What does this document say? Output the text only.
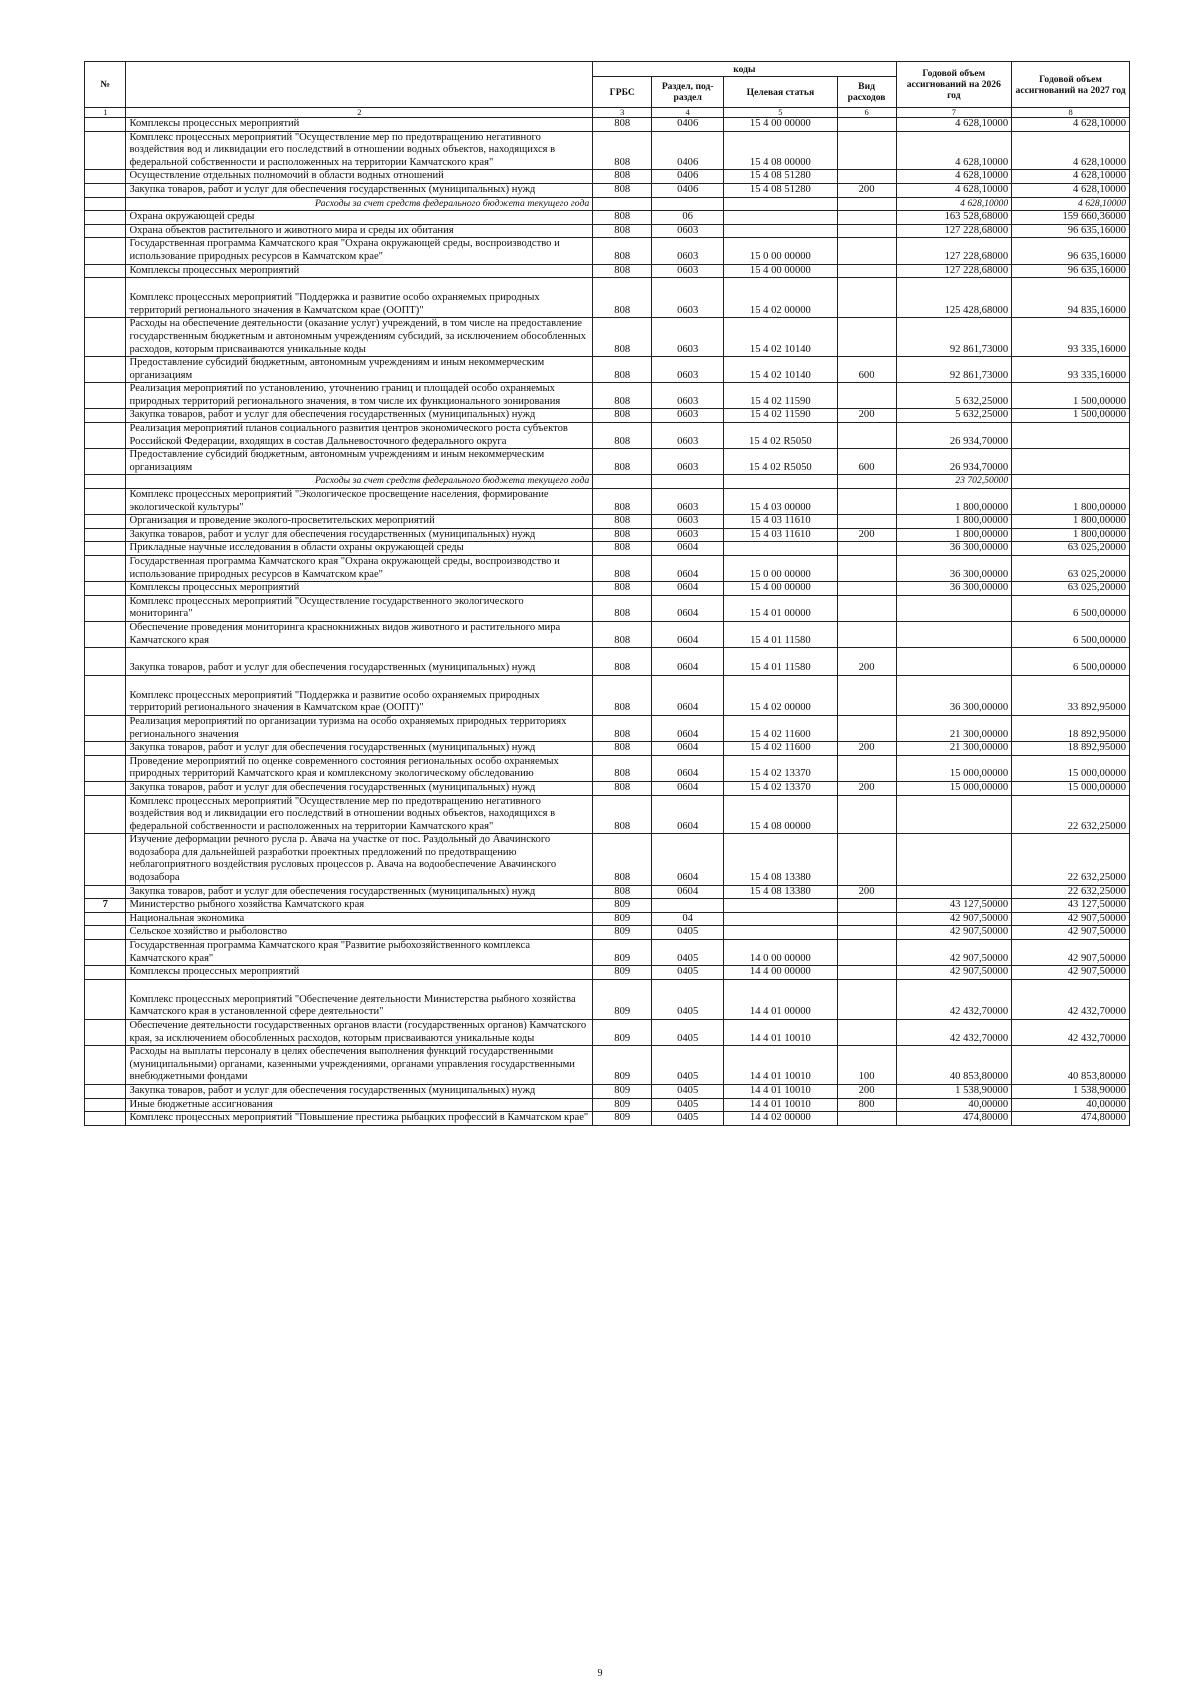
№		коды				Годовой объем ассигнований на 2026 год	Годовой объем ассигнований на 2027 год
		ГРБС	Раздел, под-раздел	Целевая статья	Вид расходов		
1	2	3	4	5	6	7	8
	Комплексы процессных мероприятий	808	0406	15 4 00 00000		4 628,10000	4 628,10000
	Комплекс процессных мероприятий "Осуществление мер по предотвращению негативного воздействия вод и ликвидации его последствий в отношении водных объектов, находящихся в федеральной собственности и расположенных на территории Камчатского края"	808	0406	15 4 08 00000		4 628,10000	4 628,10000
	Осуществление отдельных полномочий в области водных отношений	808	0406	15 4 08 51280		4 628,10000	4 628,10000
	Закупка товаров, работ и услуг для обеспечения государственных (муниципальных) нужд	808	0406	15 4 08 51280	200	4 628,10000	4 628,10000
	Расходы за счет средств федерального бюджета текущего года					4 628,10000	4 628,10000
	Охрана окружающей среды	808	06			163 528,68000	159 660,36000
	Охрана объектов растительного и животного мира и среды их обитания	808	0603			127 228,68000	96 635,16000
	Государственная программа Камчатского края "Охрана окружающей среды, воспроизводство и использование природных ресурсов в Камчатском крае"	808	0603	15 0 00 00000		127 228,68000	96 635,16000
	Комплексы процессных мероприятий	808	0603	15 4 00 00000		127 228,68000	96 635,16000
	Комплекс процессных мероприятий "Поддержка и развитие особо охраняемых природных территорий регионального значения в Камчатском крае (ООПТ)"	808	0603	15 4 02 00000		125 428,68000	94 835,16000
	Расходы на обеспечение деятельности (оказание услуг) учреждений, в том числе на предоставление государственным бюджетным и автономным учреждениям субсидий, за исключением обособленных расходов, которым присваиваются уникальные коды	808	0603	15 4 02 10140		92 861,73000	93 335,16000
	Предоставление субсидий бюджетным, автономным учреждениям и иным некоммерческим организациям	808	0603	15 4 02 10140	600	92 861,73000	93 335,16000
	Реализация мероприятий по установлению, уточнению границ и площадей особо охраняемых природных территорий регионального значения, в том числе их функционального зонирования	808	0603	15 4 02 11590		5 632,25000	1 500,00000
	Закупка товаров, работ и услуг для обеспечения государственных (муниципальных) нужд	808	0603	15 4 02 11590	200	5 632,25000	1 500,00000
	Реализация мероприятий планов социального развития центров экономического роста субъектов Российской Федерации, входящих в состав Дальневосточного федерального округа	808	0603	15 4 02 R5050		26 934,70000	
	Предоставление субсидий бюджетным, автономным учреждениям и иным некоммерческим организациям	808	0603	15 4 02 R5050	600	26 934,70000	
	Расходы за счет средств федерального бюджета текущего года					23 702,50000	
	Комплекс процессных мероприятий "Экологическое просвещение населения, формирование экологической культуры"	808	0603	15 4 03 00000		1 800,00000	1 800,00000
	Организация и проведение эколого-просветительских мероприятий	808	0603	15 4 03 11610		1 800,00000	1 800,00000
	Закупка товаров, работ и услуг для обеспечения государственных (муниципальных) нужд	808	0603	15 4 03 11610	200	1 800,00000	1 800,00000
	Прикладные научные исследования в области охраны окружающей среды	808	0604			36 300,00000	63 025,20000
	Государственная программа Камчатского края "Охрана окружающей среды, воспроизводство и использование природных ресурсов в Камчатском крае"	808	0604	15 0 00 00000		36 300,00000	63 025,20000
	Комплексы процессных мероприятий	808	0604	15 4 00 00000		36 300,00000	63 025,20000
	Комплекс процессных мероприятий "Осуществление государственного экологического мониторинга"	808	0604	15 4 01 00000			6 500,00000
	Обеспечение проведения мониторинга краснокнижных видов животного и растительного мира Камчатского края	808	0604	15 4 01 11580			6 500,00000
	Закупка товаров, работ и услуг для обеспечения государственных (муниципальных) нужд	808	0604	15 4 01 11580	200		6 500,00000
	Комплекс процессных мероприятий "Поддержка и развитие особо охраняемых природных территорий регионального значения в Камчатском крае (ООПТ)"	808	0604	15 4 02 00000		36 300,00000	33 892,95000
	Реализация мероприятий по организации туризма на особо охраняемых природных территориях регионального значения	808	0604	15 4 02 11600		21 300,00000	18 892,95000
	Закупка товаров, работ и услуг для обеспечения государственных (муниципальных) нужд	808	0604	15 4 02 11600	200	21 300,00000	18 892,95000
	Проведение мероприятий по оценке современного состояния региональных особо охраняемых природных территорий Камчатского края и комплексному экологическому обследованию	808	0604	15 4 02 13370		15 000,00000	15 000,00000
	Закупка товаров, работ и услуг для обеспечения государственных (муниципальных) нужд	808	0604	15 4 02 13370	200	15 000,00000	15 000,00000
	Комплекс процессных мероприятий "Осуществление мер по предотвращению негативного воздействия вод и ликвидации его последствий в отношении водных объектов, находящихся в федеральной собственности и расположенных на территории Камчатского края"	808	0604	15 4 08 00000			22 632,25000
	Изучение деформации речного русла р. Авача на участке от пос. Раздольный до Авачинского водозабора для дальнейшей разработки проектных предложений по предотвращению неблагоприятного воздействия русловых процессов р. Авача на водообеспечение Авачинского водозабора	808	0604	15 4 08 13380			22 632,25000
	Закупка товаров, работ и услуг для обеспечения государственных (муниципальных) нужд	808	0604	15 4 08 13380	200		22 632,25000
7	Министерство рыбного хозяйства Камчатского края	809				43 127,50000	43 127,50000
	Национальная экономика	809	04			42 907,50000	42 907,50000
	Сельское хозяйство и рыболовство	809	0405			42 907,50000	42 907,50000
	Государственная программа Камчатского края "Развитие рыбохозяйственного комплекса Камчатского края"	809	0405	14 0 00 00000		42 907,50000	42 907,50000
	Комплексы процессных мероприятий	809	0405	14 4 00 00000		42 907,50000	42 907,50000
	Комплекс процессных мероприятий "Обеспечение деятельности Министерства рыбного хозяйства Камчатского края в установленной сфере деятельности"	809	0405	14 4 01 00000		42 432,70000	42 432,70000
	Обеспечение деятельности государственных органов власти (государственных органов) Камчатского края, за исключением обособленных расходов, которым присваиваются уникальные коды	809	0405	14 4 01 10010		42 432,70000	42 432,70000
	Расходы на выплаты персоналу в целях обеспечения выполнения функций государственными (муниципальными) органами, казенными учреждениями, органами управления государственными внебюджетными фондами	809	0405	14 4 01 10010	100	40 853,80000	40 853,80000
	Закупка товаров, работ и услуг для обеспечения государственных (муниципальных) нужд	809	0405	14 4 01 10010	200	1 538,90000	1 538,90000
	Иные бюджетные ассигнования	809	0405	14 4 01 10010	800	40,00000	40,00000
	Комплекс процессных мероприятий "Повышение престижа рыбацких профессий в Камчатском крае"	809	0405	14 4 02 00000		474,80000	474,80000
9
